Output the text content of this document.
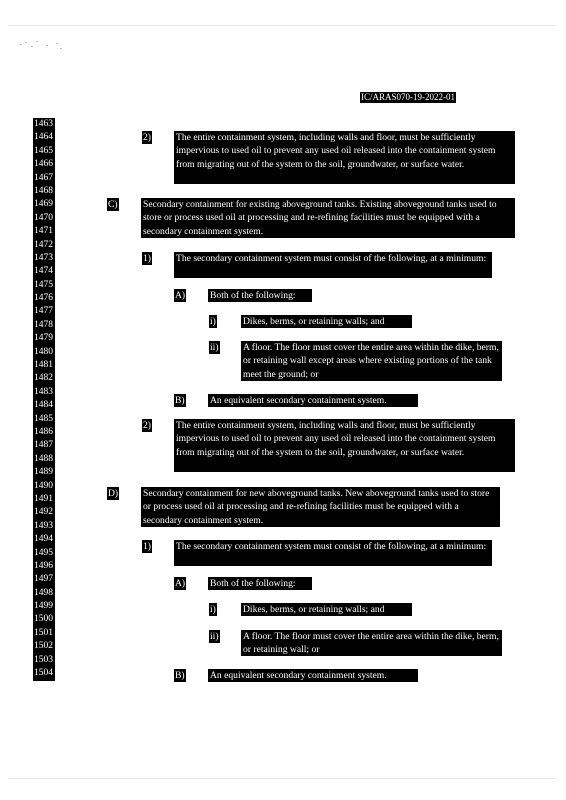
IC/ARAS070-19-2022-01
1463
1464
1465
1466
1467
1468
1469
1470
1471
1472
1473
1474
1475
1476
1477
1478
1479
1480
1481
1482
1483
1484
1485
1486
1487
1488
1489
1490
1491
1492
1493
1494
1495
1496
1497
1498
1499
1500
1501
1502
1503
1504
1505
2)	The entire containment system, including walls and floor, must be sufficiently impervious to used oil to prevent any used oil released into the containment system from migrating out of the system to the soil, groundwater, or surface water.
C)	Secondary containment for existing aboveground tanks. Existing aboveground tanks used to store or process used oil at processing and re-refining facilities must be equipped with a secondary containment system.
1)	The secondary containment system must consist of the following, at a minimum:
A)	Both of the following:
i)	Dikes, berms, or retaining walls; and
ii)	A floor. The floor must cover the entire area within the dike, berm, or retaining wall except areas where existing portions of the tank meet the ground; or
B)	An equivalent secondary containment system.
2)	The entire containment system, including walls and floor, must be sufficiently impervious to used oil to prevent any used oil released into the containment system from migrating out of the system to the soil, groundwater, or surface water.
D)	Secondary containment for new aboveground tanks. New aboveground tanks used to store or process used oil at processing and re-refining facilities must be equipped with a secondary containment system.
1)	The secondary containment system must consist of the following, at a minimum:
A)	Both of the following:
i)	Dikes, berms, or retaining walls; and
ii)	A floor. The floor must cover the entire area within the dike, berm, or retaining wall; or
B)	An equivalent secondary containment system.
